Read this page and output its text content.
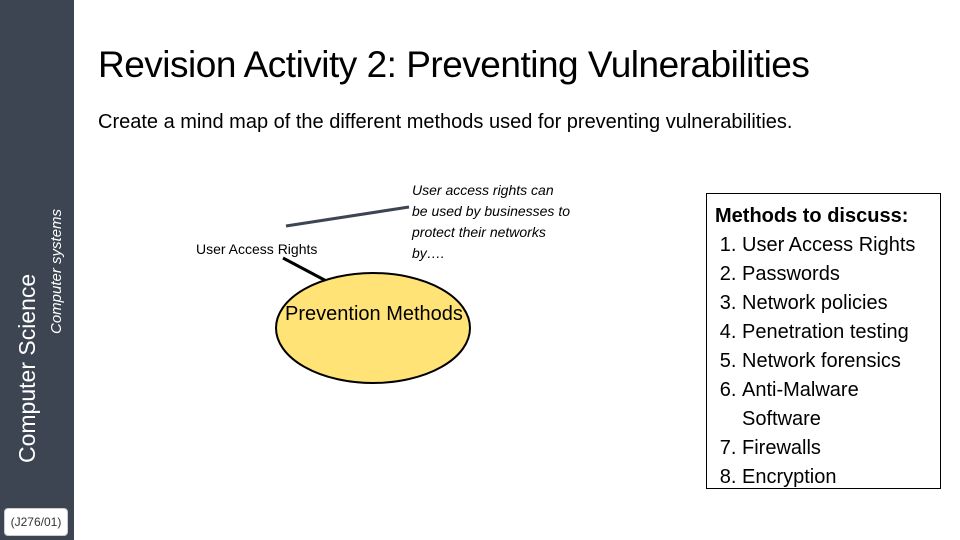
Computer Science
Computer systems
(J276/01)
Revision Activity 2: Preventing Vulnerabilities
Create a mind map of the different methods used for preventing vulnerabilities.
User Access Rights
User access rights can be used by businesses to protect their networks by….
Prevention Methods
Methods to discuss:
1. User Access Rights
2. Passwords
3. Network policies
4. Penetration testing
5. Network forensics
6. Anti-Malware Software
7. Firewalls
8. Encryption
